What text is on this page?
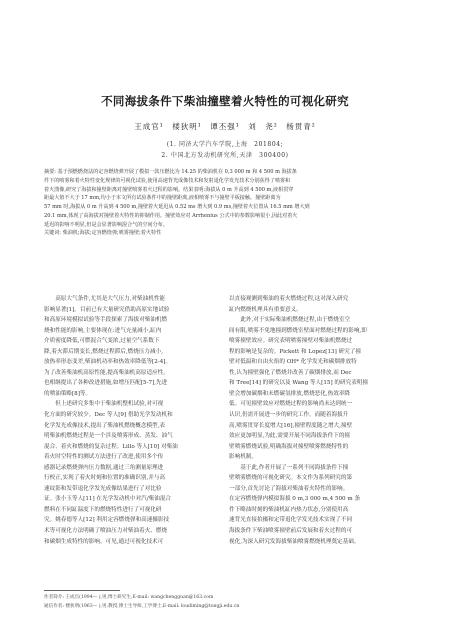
不同海拔条件下柴油撞壁着火特性的可视化研究
王成官¹　楼狄明¹　谭丕强¹　刘　尧²　杨贯青²
(1. 同济大学汽车学院,上海　201804;
2. 中国北方发动机研究所,天津　300400)
摘要: 基于预燃燃烧法的定容燃烧弹开展了模拟一款压燃比为 14.25 的柴油机在 0,3 000 m 和 4 500 m 海拔条
件下的喷雾和着火特性变化规律的可视化试验,使用高速背光成像技术和发射退化学发光技术分别获得了喷雾和
着火图像,研究了海拔和撞壁距离对撞壁喷雾着火过程的影响。结果表明:海拔从 0 m 升高到 4 500 m,液相贯穿
距最大值不大于 17 mm,均小于本文所有试验条件中的撞壁距离,液相喷雾不与撞壁平板接触。撞壁距离为
57 mm 时,海拔从 0 m 升高到 4 500 m,撞壁着火延迟从 0.52 ms 增大到 0.9 ms,撞壁着火位置从 16.5 mm 增大到
20.1 mm,体现了高海拔对撞壁着火特性的抑制作用。撞壁效应对 Arrhenius 公式中的参数影响很小,因此对着火
延迟的影响不明显,但是会显著影响混合气的空间分布。
关键词: 柴油机;海拔;定容燃烧弹;喷雾撞壁;着火特性
　　高原大气条件,尤其是大气压力,对柴油机性能
影响显著[1]。目前已有大量研究借助高原实地试验
和高原环境模拟试验等手段探索了海拔对柴油机燃
烧和性能的影响,主要体现在:进气充量减小,缸内
介质密度降低,可燃混合气变浓,过量空气系数下
降,着火滞后期变长,燃烧过程滞后,燃烧压力减小,
放热率形态变差,柴油机功率和热效率降低等[2-4]。
为了改善柴油机高原性能,提高柴油机高原适应性,
也相继提出了各种改进措施,如增压匹配[5-7],先进
的喷油策略[8]等。
　　但上述研究多集中于柴油机整机试验,对可视
化方面的研究较少。Dec 等人[9] 借助光学发动机和
化学发光成像技术,提出了柴油机燃烧概念模型,表
明柴油机燃烧过程是一个涉及喷雾形成、蒸发、油气
混合、着火和燃烧的复杂过程。Lillo 等人[10] 对柴油
着火时空特性的测试方法进行了改进,使用多个传
感器记录燃烧弹内压力数据,通过三角测量原理进
行校正,实现了着火时刻和位置的准确识别,并与高
速纹影和发带退化学发光成像结果进行了对比验
证。张小玉等人[11] 在光学发动机中对汽/柴油混合
燃料在不同缸温度下的燃烧特性进行了可视化研
究。姚春德等人[12] 利用定容燃烧弹和高速摄影技
术等可视化方法明确了喷油压力对柴油着火、燃烧
和碳烟生成特性的影响。可见,通过可视化技术可
以直接观测到柴油的着火燃烧过程,这对深入研究
缸内燃烧机理具有重要意义。
　　此外,对于实际柴油机燃烧过程,由于燃烧室空
间有限,喷雾不免地撞到燃烧室壁面对燃烧过程的影响,即
喷雾撞壁效应。研究表明喷雾撞壁对柴油机燃烧过
程的影响是复杂的。Pickett 和 Lopez[13] 研究了撞
壁对低温和自由火焰的 OH* 化学发光和碳烟排放特
性,认为撞壁强化了燃烧并改善了碳烟排放,而 Dec
和 Tree[14] 的研究以及 Wang 等人[15] 的研究表明撞
壁会增加碳烟和未燃碳氢排放,燃烧恶化,热效率降
低。可见撞壁效应对燃烧过程的影响尚未达到统一
认识,仍需开展进一步的研究工作。而随着海拔升
高,喷雾贯穿长度增大[16],撞壁程度随之增大,撞壁
效应更加明显,为此,需要开展不同海拔条件下的撞
壁喷雾燃烧试验,明确海拔对撞壁喷雾燃烧特性的
影响机制。
　　基于此,作者开展了一系列不同海拔条件下撞
壁喷雾燃烧的可视化研究。本文作为系列研究的第
一部分,首先讨论了海拔对柴油着火特性的影响。
在定容燃烧弹内模拟海拔 0 m,3 000 m,4 500 m 条
件下略油时刻的柴油机缸内热力状态,分别使用高
速背光直接拍摄和定带退化学发光技术实现了不同
海拔条件下柴油喷雾撞壁前后发展和着火过程的可
视化,为深入研究发海拔柴油喷雾燃烧机理奠定基础。
作者简介: 王成官(1994— ),男,博士研究生,E-mail: wangchengguan@163.com
通信作者: 楼狄明(1963— ),男,教授,博士生导师,工学博士,E-mail: loudiming@tongji.edu.cn
